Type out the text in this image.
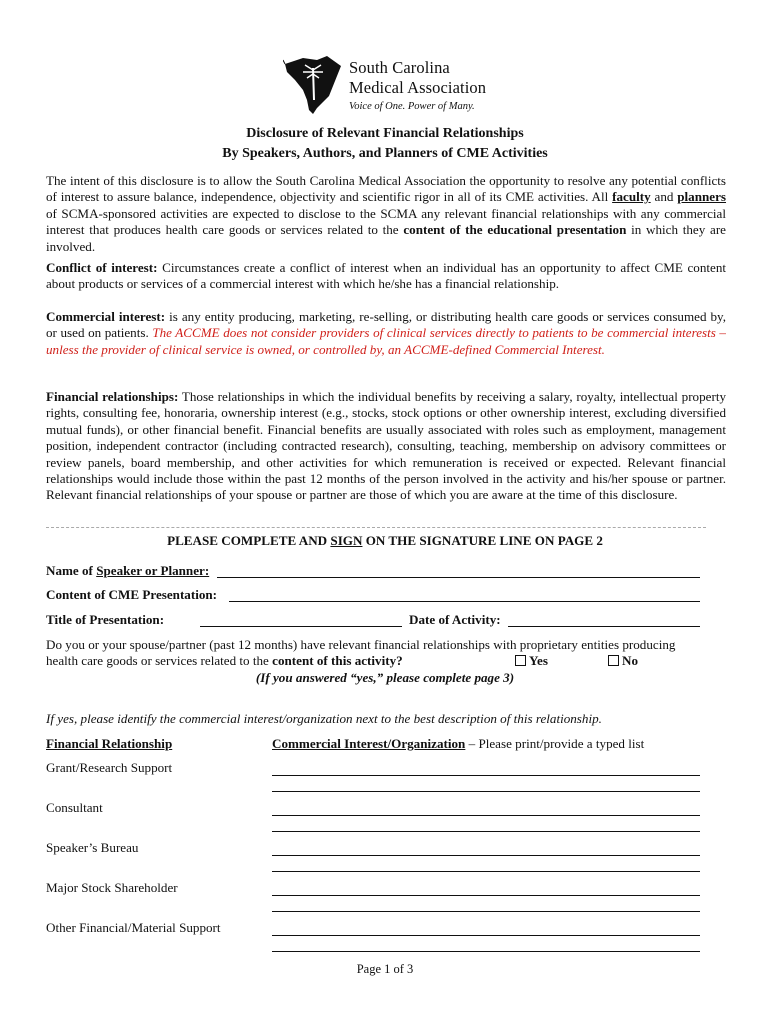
South Carolina
Medical Association
Voice of One. Power of Many.
Disclosure of Relevant Financial Relationships
By Speakers, Authors, and Planners of CME Activities
The intent of this disclosure is to allow the South Carolina Medical Association the opportunity to resolve any potential conflicts of interest to assure balance, independence, objectivity and scientific rigor in all of its CME activities. All faculty and planners of SCMA-sponsored activities are expected to disclose to the SCMA any relevant financial relationships with any commercial interest that produces health care goods or services related to the content of the educational presentation in which they are involved.
Conflict of interest: Circumstances create a conflict of interest when an individual has an opportunity to affect CME content about products or services of a commercial interest with which he/she has a financial relationship.
Commercial interest: is any entity producing, marketing, re-selling, or distributing health care goods or services consumed by, or used on patients. The ACCME does not consider providers of clinical services directly to patients to be commercial interests – unless the provider of clinical service is owned, or controlled by, an ACCME-defined Commercial Interest.
Financial relationships: Those relationships in which the individual benefits by receiving a salary, royalty, intellectual property rights, consulting fee, honoraria, ownership interest (e.g., stocks, stock options or other ownership interest, excluding diversified mutual funds), or other financial benefit. Financial benefits are usually associated with roles such as employment, management position, independent contractor (including contracted research), consulting, teaching, membership on advisory committees or review panels, board membership, and other activities for which remuneration is received or expected. Relevant financial relationships would include those within the past 12 months of the person involved in the activity and his/her spouse or partner. Relevant financial relationships of your spouse or partner are those of which you are aware at the time of this disclosure.
PLEASE COMPLETE AND SIGN ON THE SIGNATURE LINE ON PAGE 2
Name of Speaker or Planner:
Content of CME Presentation:
Title of Presentation:	Date of Activity:
Do you or your spouse/partner (past 12 months) have relevant financial relationships with proprietary entities producing
health care goods or services related to the content of this activity?	Yes	No
(If you answered “yes,” please complete page 3)
If yes, please identify the commercial interest/organization next to the best description of this relationship.
Financial Relationship	Commercial Interest/Organization – Please print/provide a typed list
Grant/Research Support
Consultant
Speaker’s Bureau
Major Stock Shareholder
Other Financial/Material Support
Page 1 of 3
